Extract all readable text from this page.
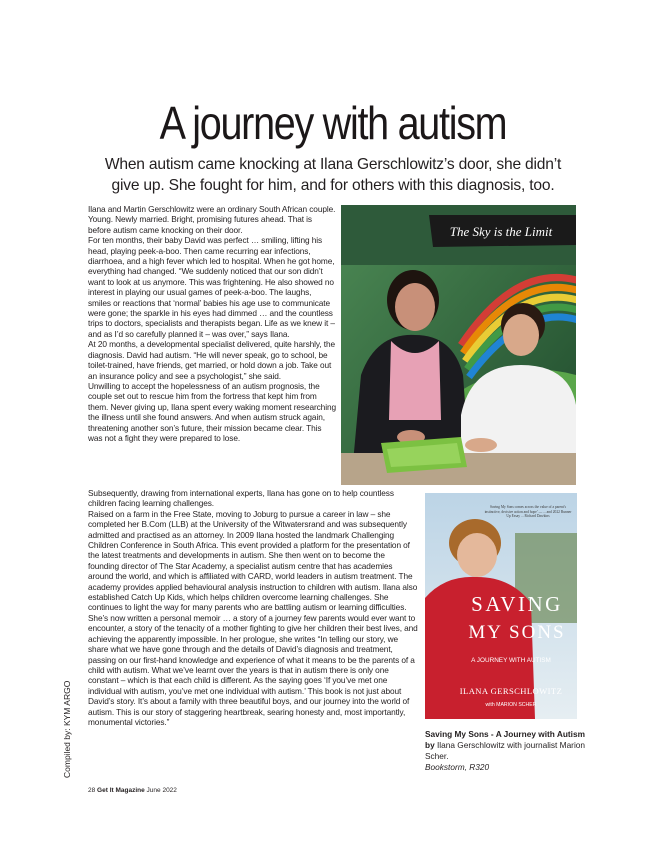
A journey with autism
When autism came knocking at Ilana Gerschlowitz’s door, she didn’t give up. She fought for him, and for others with this diagnosis, too.

Ilana and Martin Gerschlowitz were an ordinary South African couple. Young. Newly married. Bright, promising futures ahead. That is before autism came knocking on their door.

For ten months, their baby David was perfect … smiling, lifting his head, playing peek-a-boo. Then came recurring ear infections, diarrhoea, and a high fever which led to hospital. When he got home, everything had changed. “We suddenly noticed that our son didn’t want to look at us anymore. This was frightening. He also showed no interest in playing our usual games of peek-a-boo. The laughs, smiles or reactions that ‘normal’ babies his age use to communicate were gone; the sparkle in his eyes had dimmed … and the countless trips to doctors, specialists and therapists began. Life as we knew it – and as I’d so carefully planned it – was over,” says Ilana.

At 20 months, a developmental specialist delivered, quite harshly, the diagnosis. David had autism. “He will never speak, go to school, be toilet-trained, have friends, get married, or hold down a job. Take out an insurance policy and see a psychologist,” she said.

Unwilling to accept the hopelessness of an autism prognosis, the couple set out to rescue him from the fortress that kept him from them. Never giving up, Ilana spent every waking moment researching the illness until she found answers. And when autism struck again, threatening another son’s future, their mission became clear. This was not a fight they were prepared to lose.

The Sky is the Limit

Subsequently, drawing from international experts, Ilana has gone on to help countless children facing learning challenges.

Raised on a farm in the Free State, moving to Joburg to pursue a career in law – she completed her B.Com (LLB) at the University of the Witwatersrand and was subsequently admitted and practised as an attorney. In 2009 Ilana hosted the landmark Challenging Children Conference in South Africa. This event provided a platform for the presentation of the latest treatments and developments in autism. She then went on to become the founding director of The Star Academy, a specialist autism centre that has academies around the world, and which is affiliated with CARD, world leaders in autism treatment. The academy provides applied behavioural analysis instruction to children with autism. Ilana also established Catch Up Kids, which helps children overcome learning challenges. She continues to light the way for many parents who are battling autism or learning difficulties.

She’s now written a personal memoir … a story of a journey few parents would ever want to encounter, a story of the tenacity of a mother fighting to give her children their best lives, and achieving the apparently impossible. In her prologue, she writes “In telling our story, we share what we have gone through and the details of David’s diagnosis and treatment, passing on our first-hand knowledge and experience of what it means to be the parents of a child with autism. What we’ve learnt over the years is that in autism there is only one constant – which is that each child is different. As the saying goes ‘If you’ve met one individual with autism, you’ve met one individual with autism.’ This book is not just about David’s story. It’s about a family with three beautiful boys, and our journey into the world of autism. This is our story of staggering heartbreak, searing honesty and, most importantly, monumental victories.”

Saving My Sons comes across the value of a parent's instinctive, decisive action and hope’ — ... and 2022 Runner Up Essay ... Richard Dawkins
SAVING
MY SONS
A JOURNEY WITH AUTISM
ILANA GERSCHLOWITZ
with MARION SCHER
Saving My Sons - A Journey with Autism by Ilana Gerschlowitz with journalist Marion Scher.
Bookstorm, R320
Compiled by: KYM ARGO
28 Get It Magazine June 2022
